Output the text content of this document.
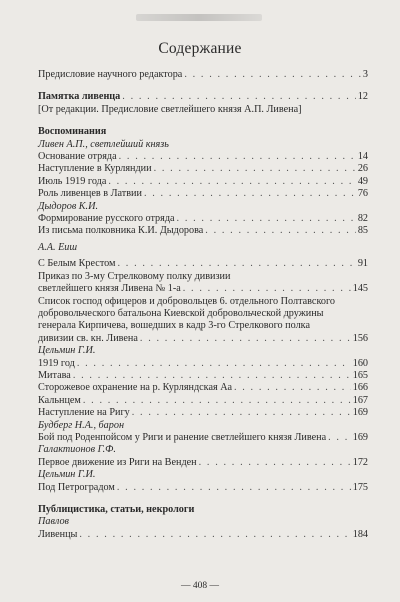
Содержание
Предисловие научного редактора . . .	3
Памятка ливенца . . .	12
[От редакции. Предисловие светлейшего князя А.П. Ливена]
Воспоминания
Ливен А.П., светлейший князь
Основание отряда . . .	14
Наступление в Курляндии . . .	26
Июль 1919 года . . .	49
Роль ливенцев в Латвии . . .	76
Дыдоров К.И.
Формирование русского отряда . . .	82
Из письма полковника К.И. Дыдорова . . .	85
А.А. Еиш
С Белым Крестом . . .	91
Приказ по 3-му Стрелковому полку дивизии
светлейшего князя Ливена № 1-а . . .	145
Список господ офицеров и добровольцев 6. отдельного Полтавского
добровольческого батальона Киевской добровольческой дружины
генерала Кирпичева, вошедших в кадр 3-го Стрелкового полка
дивизии св. кн. Ливена . . .	156
Цельмин Г.И.
1919 год . . .	160
Митава . . .	165
Сторожевое охранение на р. Курляндская Аа . . .	166
Кальнцем . . .	167
Наступление на Ригу . . .	169
Будберг Н.А., барон
Бой под Роденпойсом у Риги и ранение светлейшего князя Ливена . . .	169
Галактионов Г.Ф.
Первое движение из Риги на Венден . . .	172
Цельмин Г.И.
Под Петроградом . . .	175
Публицистика, статьи, некрологи
Павлов
Ливенцы . . .	184
— 408 —
